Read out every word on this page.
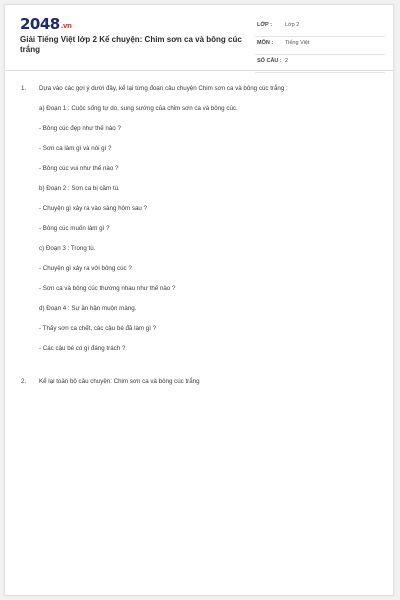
2048.vn
Giải Tiếng Việt lớp 2 Kể chuyện: Chim sơn ca và bông cúc trắng
LỚP : Lớp 2
MÔN : Tiếng Việt
SỐ CÂU : 2
1. Dựa vào các gợi ý dưới đây, kể lại từng đoạn câu chuyện Chim sơn ca và bông cúc trắng :
a) Đoạn 1 : Cuộc sống tự do, sung sướng của chim sơn ca và bông cúc.
- Bông cúc đẹp như thế nào ?
- Sơn ca làm gì và nói gì ?
- Bông cúc vui như thế nào ?
b) Đoạn 2 : Sơn ca bị cầm tù.
- Chuyện gì xảy ra vào sáng hôm sau ?
- Bông cúc muốn làm gì ?
c) Đoạn 3 : Trong tù.
- Chuyện gì xảy ra với bông cúc ?
- Sơn ca và bông cúc thương nhau như thế nào ?
d) Đoạn 4 : Sự ân hận muộn màng.
- Thấy sơn ca chết, các cậu bé đã làm gì ?
- Các cậu bé có gì đáng trách ?
2. Kể lại toàn bộ câu chuyện: Chim sơn ca và bông cúc trắng
